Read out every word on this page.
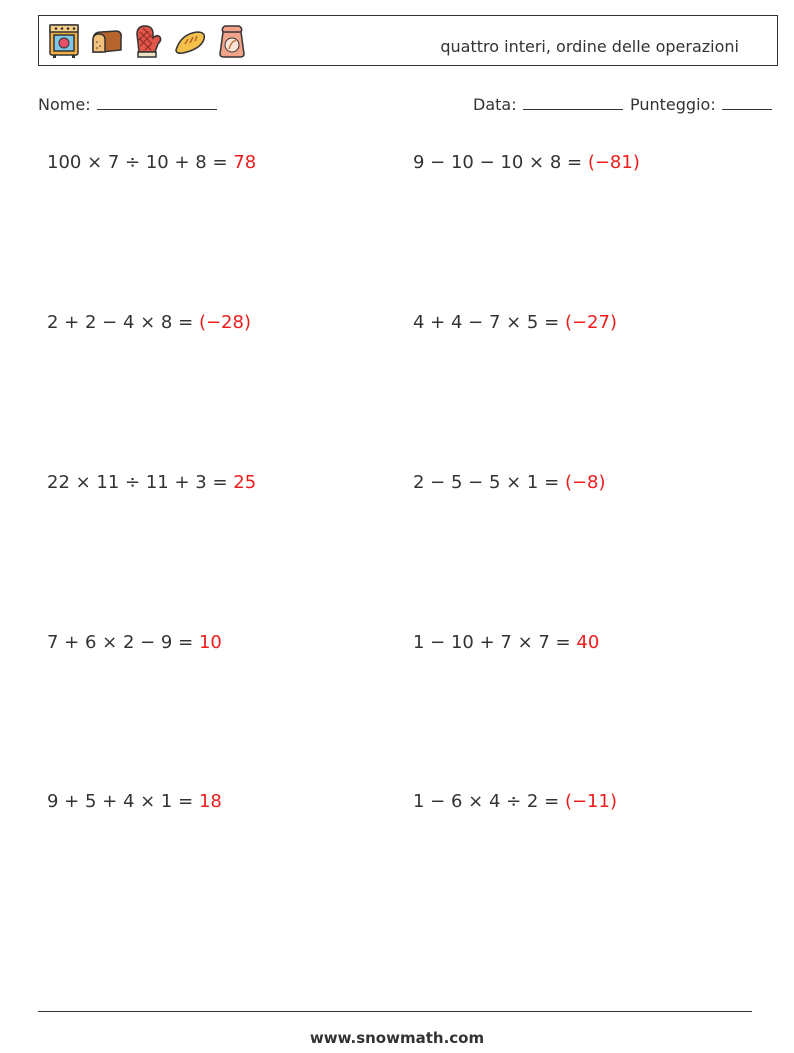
quattro interi, ordine delle operazioni
Nome:	Data:	Punteggio:
100 × 7 ÷ 10 + 8 = 78	9 − 10 − 10 × 8 = (−81)
2 + 2 − 4 × 8 = (−28)	4 + 4 − 7 × 5 = (−27)
22 × 11 ÷ 11 + 3 = 25	2 − 5 − 5 × 1 = (−8)
7 + 6 × 2 − 9 = 10	1 − 10 + 7 × 7 = 40
9 + 5 + 4 × 1 = 18	1 − 6 × 4 ÷ 2 = (−11)
www.snowmath.com
